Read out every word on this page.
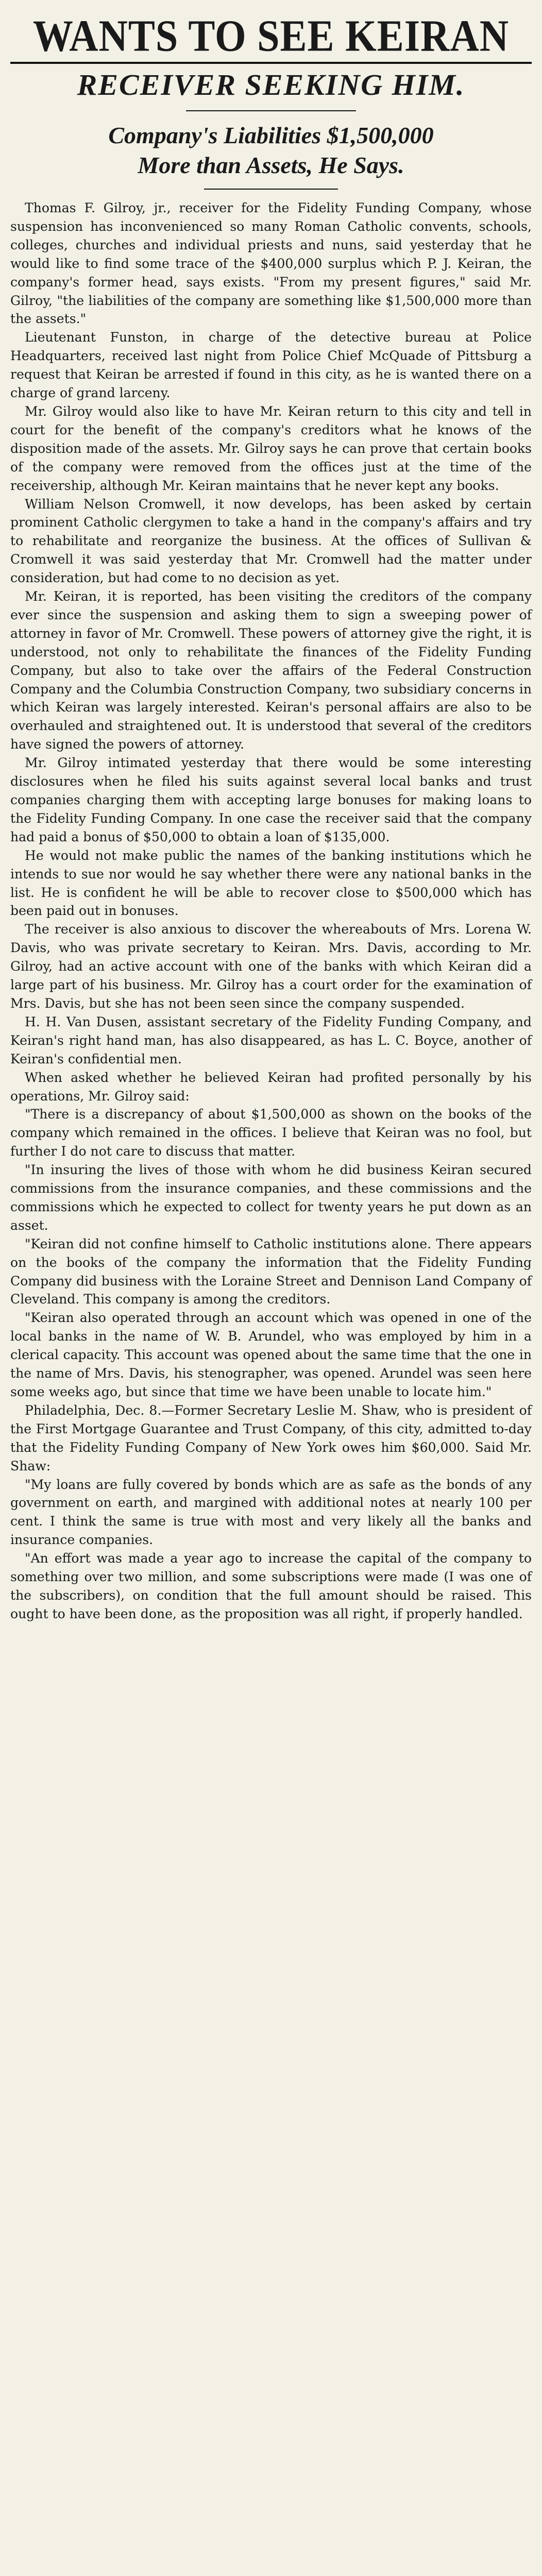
WANTS TO SEE KEIRAN
RECEIVER SEEKING HIM.
Company's Liabilities $1,500,000
More than Assets, He Says.

Thomas F. Gilroy, jr., receiver for the Fidelity Funding Company, whose suspension has inconvenienced so many Roman Catholic convents, schools, colleges, churches and individual priests and nuns, said yesterday that he would like to find some trace of the $400,000 surplus which P. J. Keiran, the company's former head, says exists. "From my present figures," said Mr. Gilroy, "the liabilities of the company are something like $1,500,000 more than the assets."

Lieutenant Funston, in charge of the detective bureau at Police Headquarters, received last night from Police Chief McQuade of Pittsburg a request that Keiran be arrested if found in this city, as he is wanted there on a charge of grand larceny.

Mr. Gilroy would also like to have Mr. Keiran return to this city and tell in court for the benefit of the company's creditors what he knows of the disposition made of the assets. Mr. Gilroy says he can prove that certain books of the company were removed from the offices just at the time of the receivership, although Mr. Keiran maintains that he never kept any books.

William Nelson Cromwell, it now develops, has been asked by certain prominent Catholic clergymen to take a hand in the company's affairs and try to rehabilitate and reorganize the business. At the offices of Sullivan & Cromwell it was said yesterday that Mr. Cromwell had the matter under consideration, but had come to no decision as yet.

Mr. Keiran, it is reported, has been visiting the creditors of the company ever since the suspension and asking them to sign a sweeping power of attorney in favor of Mr. Cromwell. These powers of attorney give the right, it is understood, not only to rehabilitate the finances of the Fidelity Funding Company, but also to take over the affairs of the Federal Construction Company and the Columbia Construction Company, two subsidiary concerns in which Keiran was largely interested. Keiran's personal affairs are also to be overhauled and straightened out. It is understood that several of the creditors have signed the powers of attorney.

Mr. Gilroy intimated yesterday that there would be some interesting disclosures when he filed his suits against several local banks and trust companies charging them with accepting large bonuses for making loans to the Fidelity Funding Company. In one case the receiver said that the company had paid a bonus of $50,000 to obtain a loan of $135,000.

He would not make public the names of the banking institutions which he intends to sue nor would he say whether there were any national banks in the list. He is confident he will be able to recover close to $500,000 which has been paid out in bonuses.

The receiver is also anxious to discover the whereabouts of Mrs. Lorena W. Davis, who was private secretary to Keiran. Mrs. Davis, according to Mr. Gilroy, had an active account with one of the banks with which Keiran did a large part of his business. Mr. Gilroy has a court order for the examination of Mrs. Davis, but she has not been seen since the company suspended.

H. H. Van Dusen, assistant secretary of the Fidelity Funding Company, and Keiran's right hand man, has also disappeared, as has L. C. Boyce, another of Keiran's confidential men.

When asked whether he believed Keiran had profited personally by his operations, Mr. Gilroy said:

"There is a discrepancy of about $1,500,000 as shown on the books of the company which remained in the offices. I believe that Keiran was no fool, but further I do not care to discuss that matter.

"In insuring the lives of those with whom he did business Keiran secured commissions from the insurance companies, and these commissions and the commissions which he expected to collect for twenty years he put down as an asset.

"Keiran did not confine himself to Catholic institutions alone. There appears on the books of the company the information that the Fidelity Funding Company did business with the Loraine Street and Dennison Land Company of Cleveland. This company is among the creditors.

"Keiran also operated through an account which was opened in one of the local banks in the name of W. B. Arundel, who was employed by him in a clerical capacity. This account was opened about the same time that the one in the name of Mrs. Davis, his stenographer, was opened. Arundel was seen here some weeks ago, but since that time we have been unable to locate him."

Philadelphia, Dec. 8.—Former Secretary Leslie M. Shaw, who is president of the First Mortgage Guarantee and Trust Company, of this city, admitted to-day that the Fidelity Funding Company of New York owes him $60,000. Said Mr. Shaw:

"My loans are fully covered by bonds which are as safe as the bonds of any government on earth, and margined with additional notes at nearly 100 per cent. I think the same is true with most and very likely all the banks and insurance companies.

"An effort was made a year ago to increase the capital of the company to something over two million, and some subscriptions were made (I was one of the subscribers), on condition that the full amount should be raised. This ought to have been done, as the proposition was all right, if properly handled.
